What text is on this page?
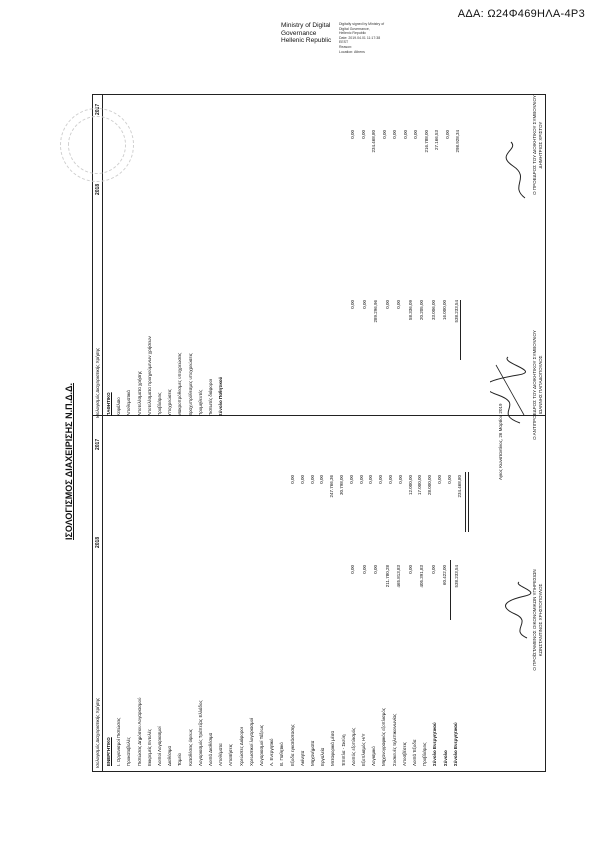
ΑΔΑ: Ω24Φ469ΗΛΑ-4Ρ3
Ministry of Digital
Governance
Hellenic Republic
Digitally signed by Ministry of
Digital Governance,
Hellenic Republic
Date: 2019.04.01 11:17:38
EEST
Reason:
Location: Athens
ΙΣΟΛΟΓΙΣΜΟΣ ΔΙΑΧΕΙΡΙΣΗΣ Ν.Π.Δ.Δ.
Ισολογισμός Διαχειριστικής Χρήσης
Ισολογισμός Διαχειριστικής Χρήσης
2018
2017
2018
2017
ΕΝΕΡΓΗΤΙΚΟ Ι. Οργανισμοί Πιστώσεις Προκαταβολές Πιστώσεις Δημόσιου Λογαριασμού Εκκρεμείς Εντολές Λοιποί Λογαριασμοί Διαθέσιμα Ταμείο Καταθέσεις όψεως Λογαριασμός Τράπεζας Ελλάδος Λοιπά Διαθέσιμα Αποθέματα Απαιτήσεις Χρεώστες Διάφοροι Χρεωστικοί λογαριασμοί Λογαριασμοί Τάξεως Α. Ενεργητικό Β. Παθητικό Εξοδα εγκατάστασης Ακίνητα Μηχανήματα Εργαλεία Μεταφορικά μέσα Έπιπλα - Σκεύη Λοιπός εξοπλισμός Εξοπλισμός Η/Υ Λογισμικό Μηχανογραφικός εξοπλισμός Συσκευές τηλεπικοινωνίας Αποσβέσεις Λοιπά Έξοδα Προβλέψεις Σύνολο Ενεργητικού Σύνολο Σύνολο Ενεργητικού
ΠΑΘΗΤΙΚΟ Κεφάλαιο Αποθεματικά Αποτελέσματα χρήσης Αποτελέσματα προηγούμενων χρήσεων Προβλέψεις Υποχρεώσεις Μακροπρόθεσμες υποχρεώσεις Βραχυπρόθεσμες υποχρεώσεις Προμηθευτές Πιστωτές διάφοροι Σύνολο Παθητικού
0,00 0,00 0,00 211.780,28 465.813,83 0,00 405.391,83 0,00 60.422,00 538.233,54
0,00 0,00 0,00 0,00 247.766,36 30.798,00 0,00 0,00 0,00 0,00 0,00 0,00 12.000,00 17.000,00 28.000,00 0,00 0,00 234.468,80
0,00 0,00 289.296,96 0,00 0,00 58.336,09 20.205,00 33.006,00 16.000,00 538.233,54
0,00 0,00 234.468,80 0,00 0,00 0,00 0,00 216.788,00 27.166,53 0,00 298.928,34	Ο ΠΡΟΕΔΡΟΣ ΤΟΥ ΔΙΟΙΚΗΤΙΚΟΥ ΣΥΜΒΟΥΛΙΟΥ ΔΗΜΗΤΡΙΟΣ ΧΡΙΣΤΟΥ
Ο ΑΝΤΙΠΡΟΕΔΡΟΣ ΤΟΥ ΔΙΟΙΚΗΤΙΚΟΥ ΣΥΜΒΟΥΛΙΟΥ ΙΩΑΝΝΗΣ ΠΑΠΑΔΟΠΟΥΛΟΣ
Ο ΠΡΟΪΣΤΑΜΕΝΟΣ ΟΙΚΟΝΟΜΙΚΩΝ ΥΠΗΡΕΣΙΩΝ ΚΩΝΣΤΑΝΤΙΝΟΣ ΧΡΗΣΤΟΠΟΥΛΟΣ
Αγιος Κωνσταντίνος, 26 Μαρτίου 2019
